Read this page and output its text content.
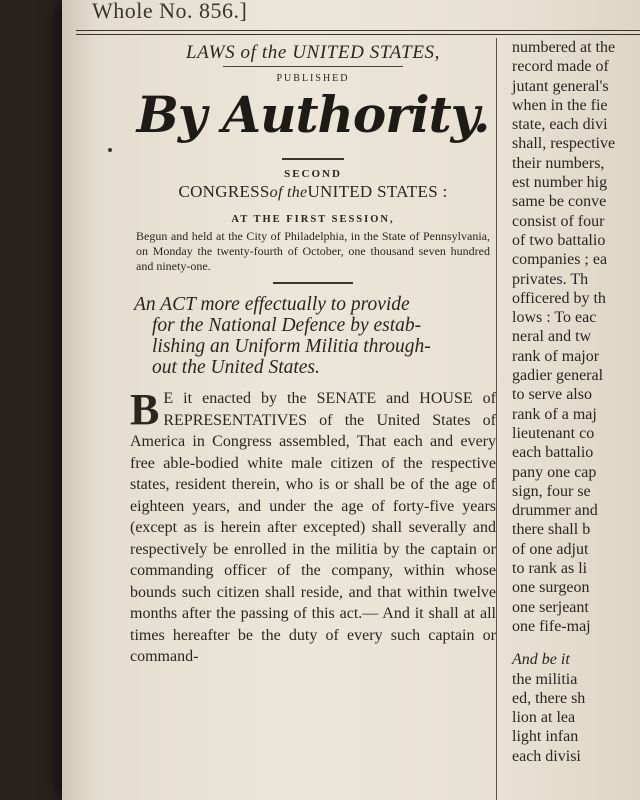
Whole No. 856.]
LAWS of the UNITED STATES,
PUBLISHED
By Authority.
SECOND
CONGRESSof theUNITED STATES :
AT THE FIRST SESSION,
Begun and held at the City of Philadelphia, in the State of Pennsylvania, on Monday the twenty-fourth of October, one thousand seven hundred and ninety-one.
An ACT more effectually to provide
for the National Defence by estab-
lishing an Uniform Militia through-
out the United States.
B E it enacted by the SENATE and HOUSE of REPRESENTATIVES of the United States of America in Congress assembled, That each and every free able-bodied white male citizen of the respective states, resident therein, who is or shall be of the age of eighteen years, and under the age of forty-five years (except as is herein after excepted) shall severally and respectively be enrolled in the militia by the captain or commanding officer of the company, within whose bounds such citizen shall reside, and that within twelve months after the passing of this act.— And it shall at all times hereafter be the duty of every such captain or command-
numbered at the
record made of
jutant general's
when in the fie
state, each divi
shall, respective
their numbers,
est number hig
same be conve
consist of four
of two battalio
companies ; ea
privates. Th
officered by th
lows : To eac
neral and tw
rank of major
gadier general
to serve also
rank of a maj
lieutenant co
each battalio
pany one cap
sign, four se
drummer and
there shall b
of one adjut
to rank as li
one surgeon
one serjeant
one fife-maj
And be it
the militia
ed, there sh
lion at lea
light infan
each divisi
